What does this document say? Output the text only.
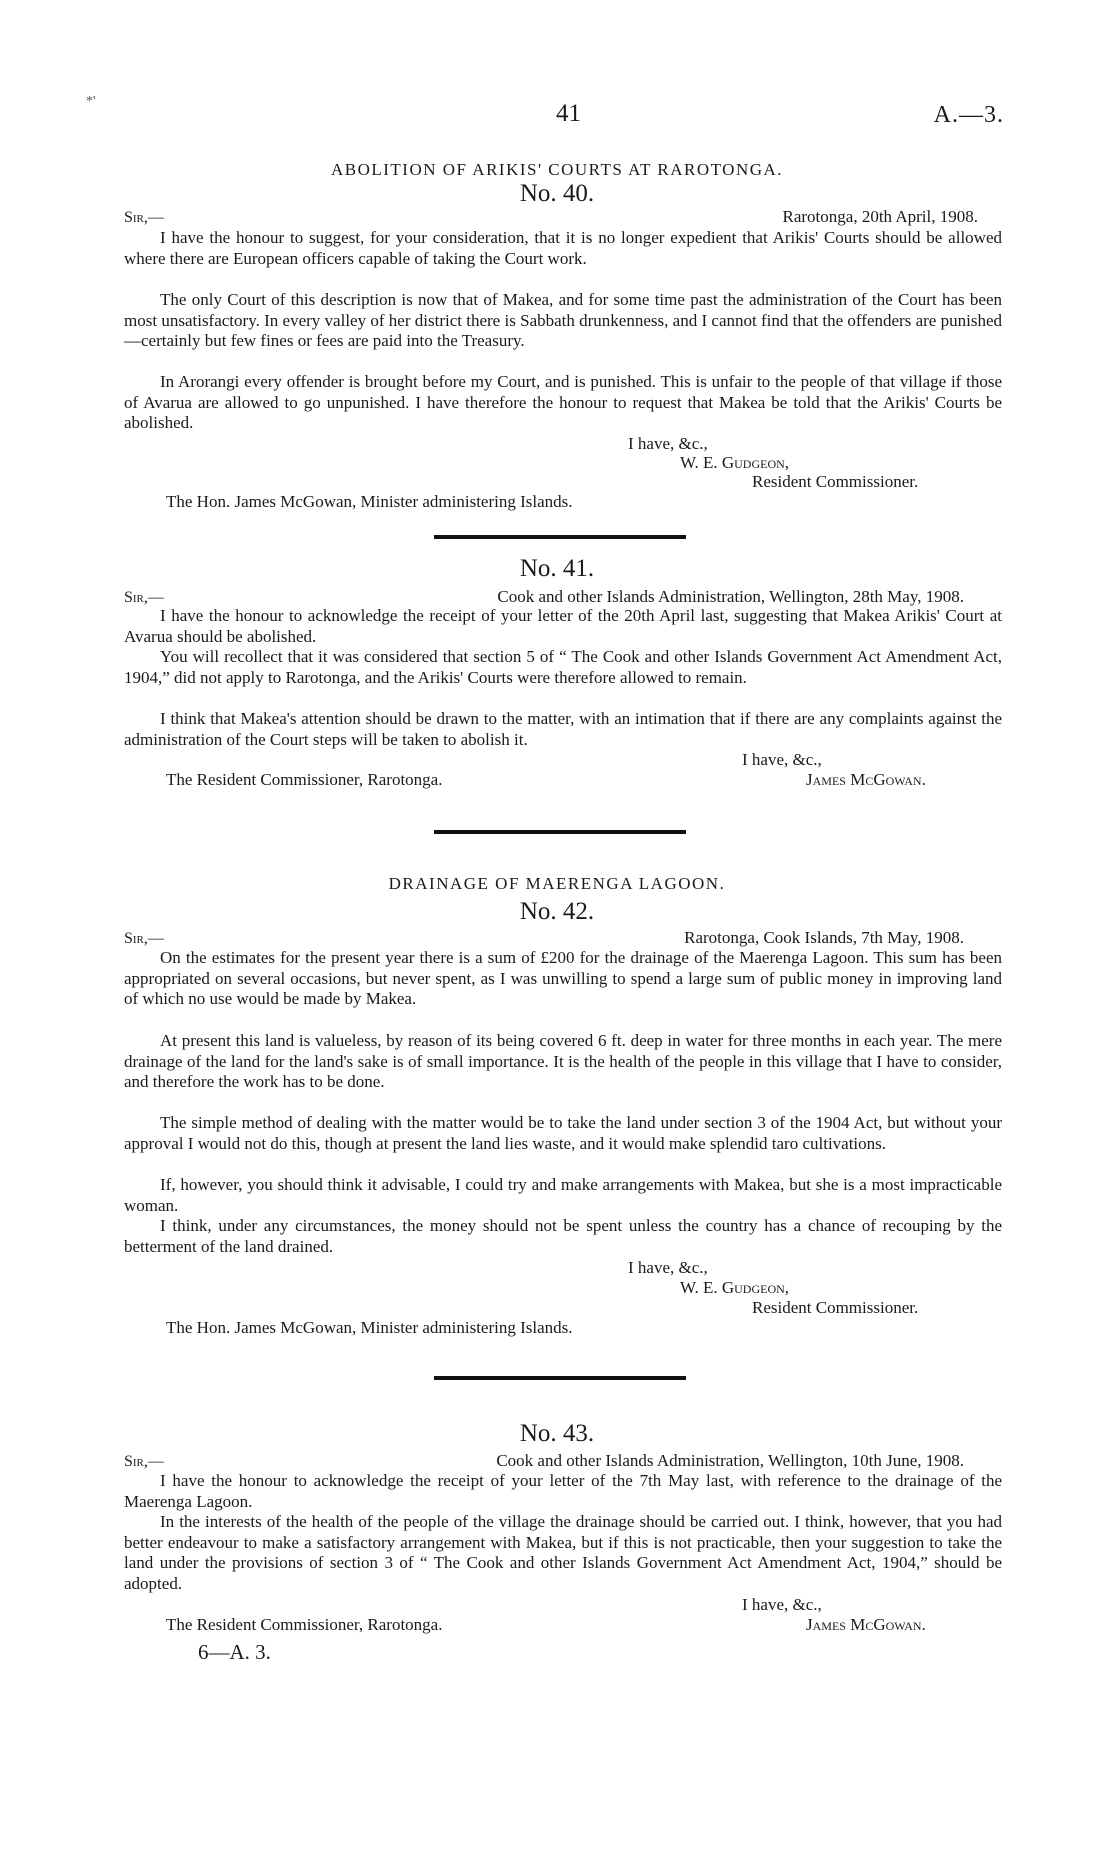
*'	41	A.—3.
ABOLITION OF ARIKIS' COURTS AT RAROTONGA.
No. 40.
Sir,—	Rarotonga, 20th April, 1908.
I have the honour to suggest, for your consideration, that it is no longer expedient that Arikis' Courts should be allowed where there are European officers capable of taking the Court work.
The only Court of this description is now that of Makea, and for some time past the administration of the Court has been most unsatisfactory. In every valley of her district there is Sabbath drunkenness, and I cannot find that the offenders are punished—certainly but few fines or fees are paid into the Treasury.
In Arorangi every offender is brought before my Court, and is punished. This is unfair to the people of that village if those of Avarua are allowed to go unpunished. I have therefore the honour to request that Makea be told that the Arikis' Courts be abolished.
I have, &c.,
W. E. Gudgeon,
Resident Commissioner.
The Hon. James McGowan, Minister administering Islands.
No. 41.
Sir,—	Cook and other Islands Administration, Wellington, 28th May, 1908.
I have the honour to acknowledge the receipt of your letter of the 20th April last, suggesting that Makea Arikis' Court at Avarua should be abolished.
You will recollect that it was considered that section 5 of “ The Cook and other Islands Government Act Amendment Act, 1904,” did not apply to Rarotonga, and the Arikis' Courts were therefore allowed to remain.
I think that Makea's attention should be drawn to the matter, with an intimation that if there are any complaints against the administration of the Court steps will be taken to abolish it.
I have, &c.,
James McGowan.
The Resident Commissioner, Rarotonga.
DRAINAGE OF MAERENGA LAGOON.
No. 42.
Sir,—	Rarotonga, Cook Islands, 7th May, 1908.
On the estimates for the present year there is a sum of £200 for the drainage of the Maerenga Lagoon. This sum has been appropriated on several occasions, but never spent, as I was unwilling to spend a large sum of public money in improving land of which no use would be made by Makea.
At present this land is valueless, by reason of its being covered 6 ft. deep in water for three months in each year. The mere drainage of the land for the land's sake is of small importance. It is the health of the people in this village that I have to consider, and therefore the work has to be done.
The simple method of dealing with the matter would be to take the land under section 3 of the 1904 Act, but without your approval I would not do this, though at present the land lies waste, and it would make splendid taro cultivations.
If, however, you should think it advisable, I could try and make arrangements with Makea, but she is a most impracticable woman.
I think, under any circumstances, the money should not be spent unless the country has a chance of recouping by the betterment of the land drained.
I have, &c.,
W. E. Gudgeon,
Resident Commissioner.
The Hon. James McGowan, Minister administering Islands.
No. 43.
Sir,—	Cook and other Islands Administration, Wellington, 10th June, 1908.
I have the honour to acknowledge the receipt of your letter of the 7th May last, with reference to the drainage of the Maerenga Lagoon.
In the interests of the health of the people of the village the drainage should be carried out. I think, however, that you had better endeavour to make a satisfactory arrangement with Makea, but if this is not practicable, then your suggestion to take the land under the provisions of section 3 of “ The Cook and other Islands Government Act Amendment Act, 1904,” should be adopted.
I have, &c.,
James McGowan.
The Resident Commissioner, Rarotonga.
6—A. 3.
